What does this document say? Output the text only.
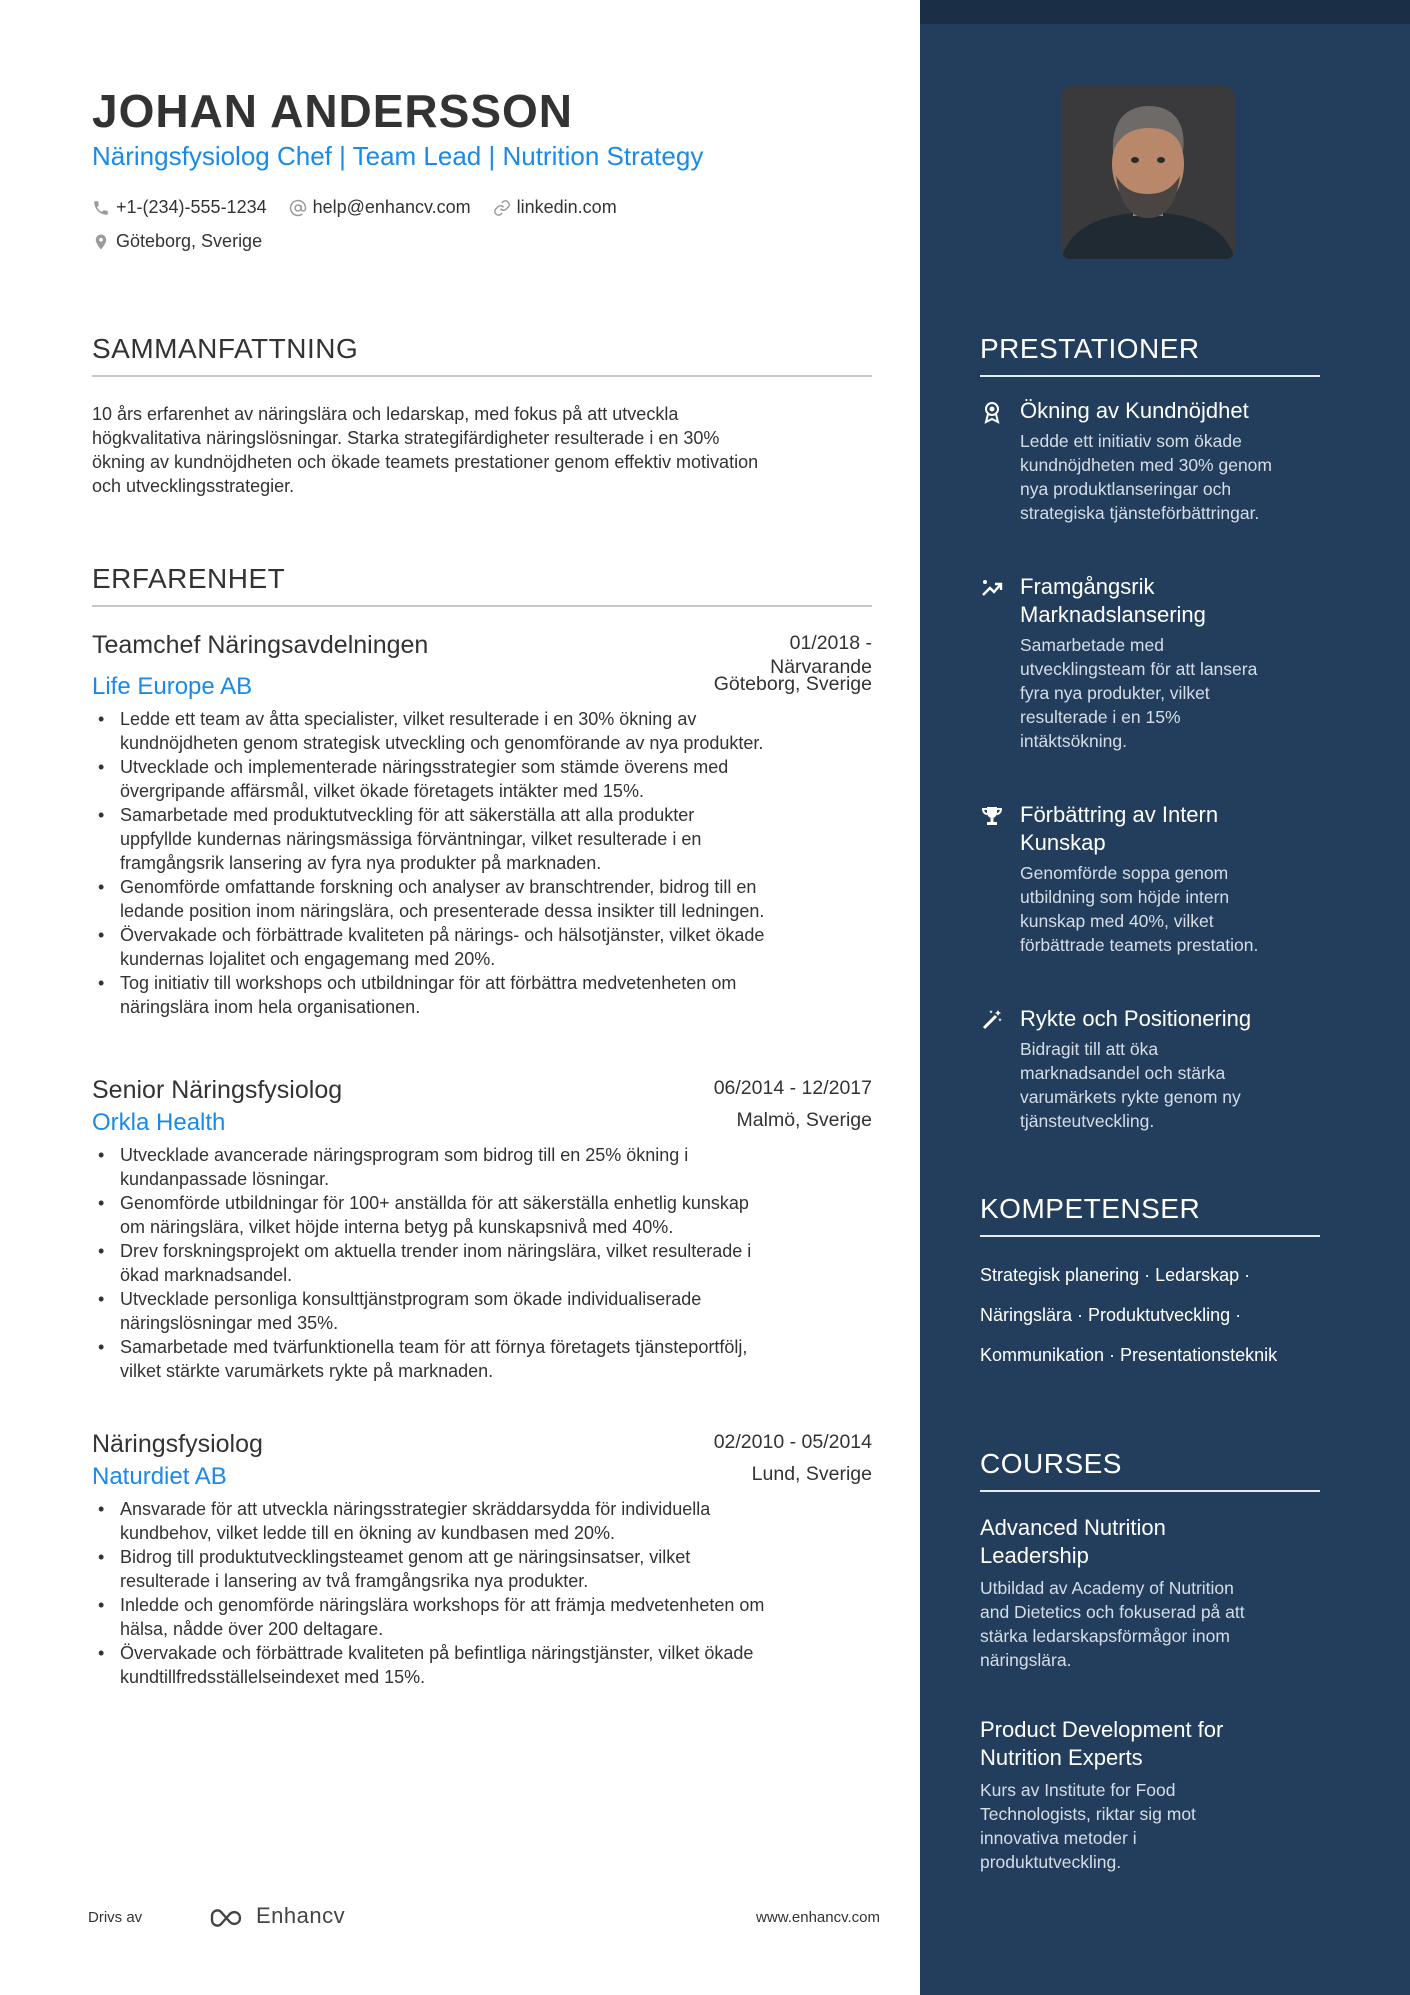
JOHAN ANDERSSON
Näringsfysiolog Chef | Team Lead | Nutrition Strategy
+1-(234)-555-1234	help@enhancv.com	linkedin.com
Göteborg, Sverige
SAMMANFATTNING
10 års erfarenhet av näringslära och ledarskap, med fokus på att utveckla
högkvalitativa näringslösningar. Starka strategifärdigheter resulterade i en 30%
ökning av kundnöjdheten och ökade teamets prestationer genom effektiv motivation
och utvecklingsstrategier.
ERFARENHET
Teamchef Näringsavdelningen	01/2018 -
Närvarande
Life Europe AB	Göteborg, Sverige
• Ledde ett team av åtta specialister, vilket resulterade i en 30% ökning av
kundnöjdheten genom strategisk utveckling och genomförande av nya produkter.
• Utvecklade och implementerade näringsstrategier som stämde överens med
övergripande affärsmål, vilket ökade företagets intäkter med 15%.
• Samarbetade med produktutveckling för att säkerställa att alla produkter
uppfyllde kundernas näringsmässiga förväntningar, vilket resulterade i en
framgångsrik lansering av fyra nya produkter på marknaden.
• Genomförde omfattande forskning och analyser av branschtrender, bidrog till en
ledande position inom näringslära, och presenterade dessa insikter till ledningen.
• Övervakade och förbättrade kvaliteten på närings- och hälsotjänster, vilket ökade
kundernas lojalitet och engagemang med 20%.
• Tog initiativ till workshops och utbildningar för att förbättra medvetenheten om
näringslära inom hela organisationen.
Senior Näringsfysiolog	06/2014 - 12/2017
Orkla Health	Malmö, Sverige
• Utvecklade avancerade näringsprogram som bidrog till en 25% ökning i
kundanpassade lösningar.
• Genomförde utbildningar för 100+ anställda för att säkerställa enhetlig kunskap
om näringslära, vilket höjde interna betyg på kunskapsnivå med 40%.
• Drev forskningsprojekt om aktuella trender inom näringslära, vilket resulterade i
ökad marknadsandel.
• Utvecklade personliga konsulttjänstprogram som ökade individualiserade
näringslösningar med 35%.
• Samarbetade med tvärfunktionella team för att förnya företagets tjänsteportfölj,
vilket stärkte varumärkets rykte på marknaden.
Näringsfysiolog	02/2010 - 05/2014
Naturdiet AB	Lund, Sverige
• Ansvarade för att utveckla näringsstrategier skräddarsydda för individuella
kundbehov, vilket ledde till en ökning av kundbasen med 20%.
• Bidrog till produktutvecklingsteamet genom att ge näringsinsatser, vilket
resulterade i lansering av två framgångsrika nya produkter.
• Inledde och genomförde näringslära workshops för att främja medvetenheten om
hälsa, nådde över 200 deltagare.
• Övervakade och förbättrade kvaliteten på befintliga näringstjänster, vilket ökade
kundtillfredsställelseindexet med 15%.
Drivs av	Enhancv	www.enhancv.com
PRESTATIONER
Ökning av Kundnöjdhet
Ledde ett initiativ som ökade
kundnöjdheten med 30% genom
nya produktlanseringar och
strategiska tjänsteförbättringar.
Framgångsrik
Marknadslansering
Samarbetade med
utvecklingsteam för att lansera
fyra nya produkter, vilket
resulterade i en 15%
intäktsökning.
Förbättring av Intern
Kunskap
Genomförde soppa genom
utbildning som höjde intern
kunskap med 40%, vilket
förbättrade teamets prestation.
Rykte och Positionering
Bidragit till att öka
marknadsandel och stärka
varumärkets rykte genom ny
tjänsteutveckling.
KOMPETENSER
Strategisk planering · Ledarskap ·
Näringslära · Produktutveckling ·
Kommunikation · Presentationsteknik
COURSES
Advanced Nutrition
Leadership
Utbildad av Academy of Nutrition
and Dietetics och fokuserad på att
stärka ledarskapsförmågor inom
näringslära.
Product Development for
Nutrition Experts
Kurs av Institute for Food
Technologists, riktar sig mot
innovativa metoder i
produktutveckling.
